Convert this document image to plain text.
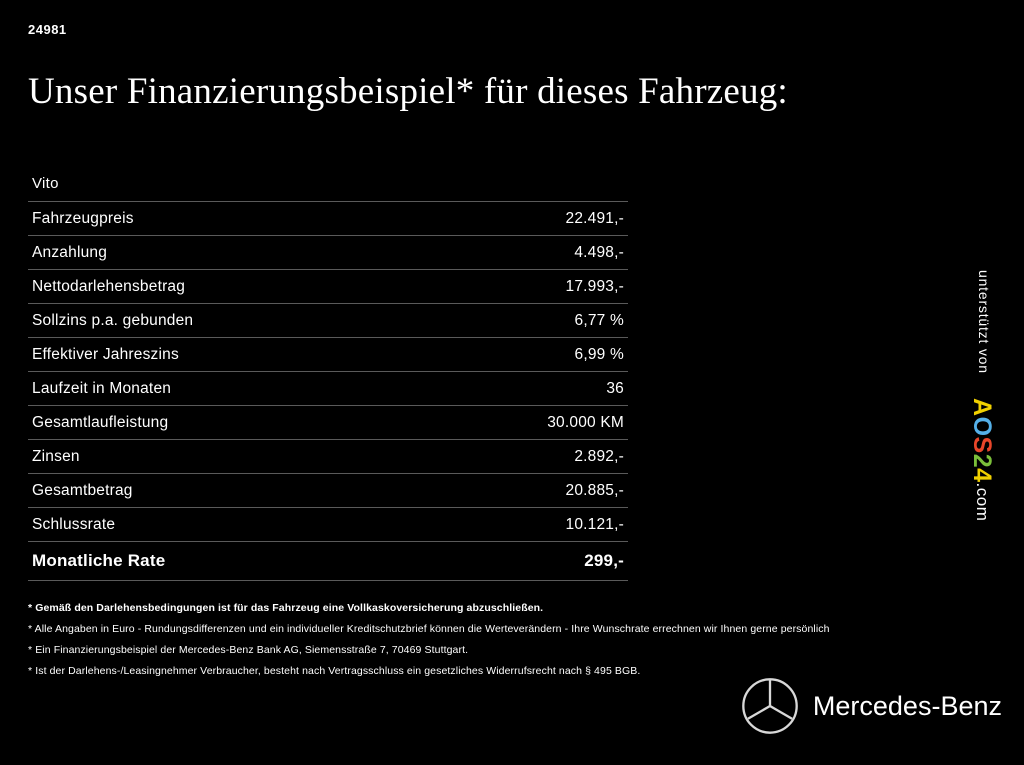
24981
Unser Finanzierungsbeispiel* für dieses Fahrzeug:
Vito
Fahrzeugpreis	22.491,-
Anzahlung	4.498,-
Nettodarlehensbetrag	17.993,-
Sollzins p.a. gebunden	6,77 %
Effektiver Jahreszins	6,99 %
Laufzeit in Monaten	36
Gesamtlaufleistung	30.000 KM
Zinsen	2.892,-
Gesamtbetrag	20.885,-
Schlussrate	10.121,-
Monatliche Rate	299,-
* Gemäß den Darlehensbedingungen ist für das Fahrzeug eine Vollkaskoversicherung abzuschließen.
* Alle Angaben in Euro - Rundungsdifferenzen und ein individueller Kreditschutzbrief können die Werteverändern - Ihre Wunschrate errechnen wir Ihnen gerne persönlich
* Ein Finanzierungsbeispiel der Mercedes-Benz Bank AG, Siemensstraße 7, 70469 Stuttgart.
* Ist der Darlehens-/Leasingnehmer Verbraucher, besteht nach Vertragsschluss ein gesetzliches Widerrufsrecht nach § 495 BGB.
unterstützt von
AOS24.com
Mercedes-Benz
